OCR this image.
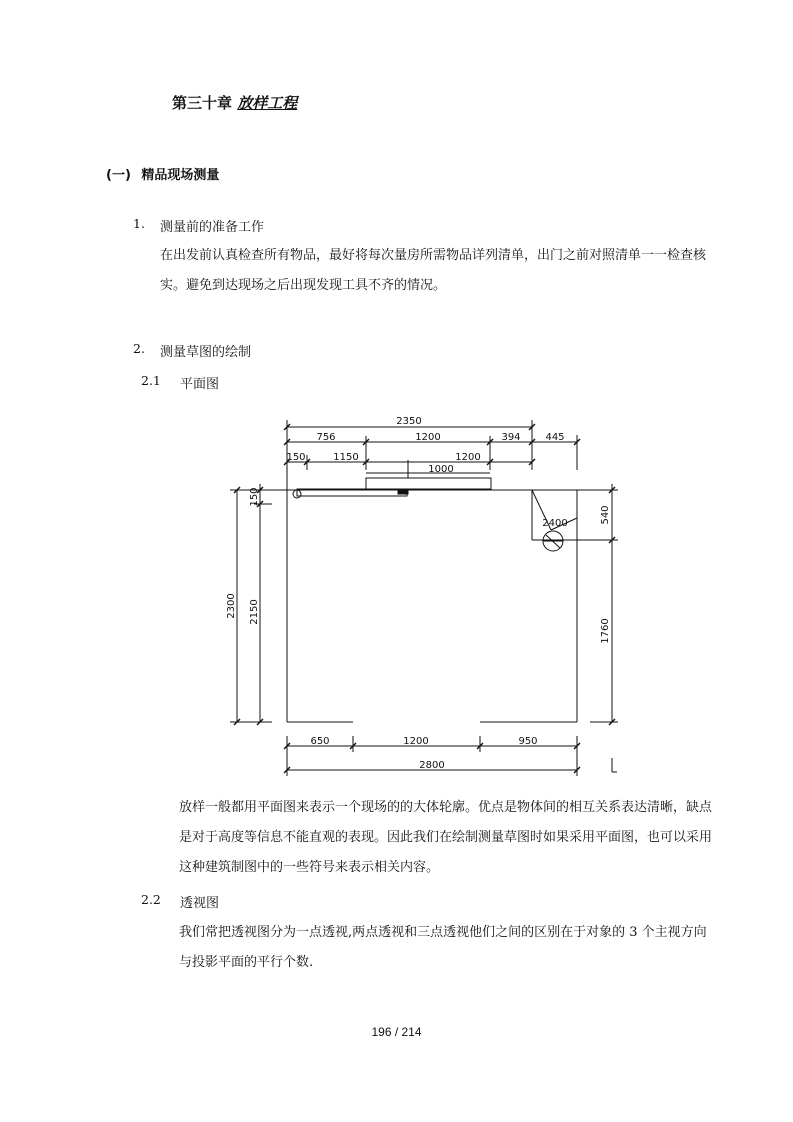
第三十章 放样工程
(一) 精品现场测量
1. 测量前的准备工作
在出发前认真检查所有物品，最好将每次量房所需物品详列清单，出门之前对照清单一一检查核实。避免到达现场之后出现发现工具不齐的情况。
2. 测量草图的绘制
2.1 平面图
2350
756	1200	394 445
150	1150	1200
1000
2400
2300
150
2150
540
1760
650	1200	950
2800
放样一般都用平面图来表示一个现场的的大体轮廓。优点是物体间的相互关系表达清晰，缺点是对于高度等信息不能直观的表现。因此我们在绘制测量草图时如果采用平面图，也可以采用这种建筑制图中的一些符号来表示相关内容。
2.2 透视图
我们常把透视图分为一点透视,两点透视和三点透视他们之间的区别在于对象的 3 个主视方向与投影平面的平行个数.
196 / 214
